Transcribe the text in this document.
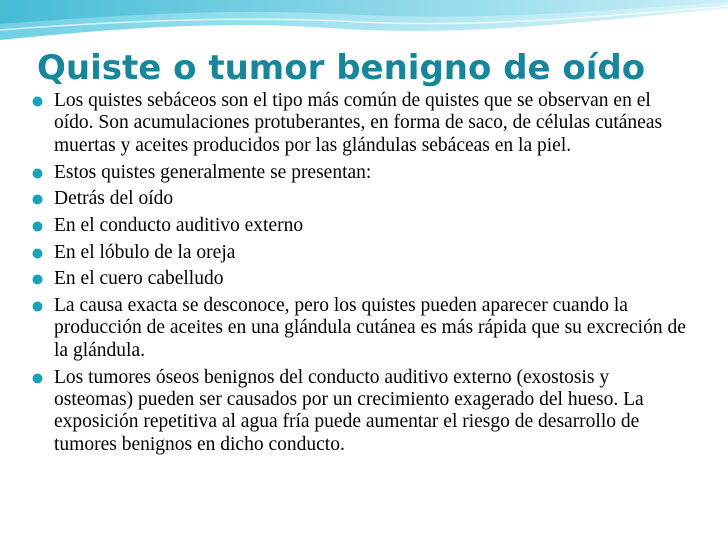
Quiste o tumor benigno de oído
Los quistes sebáceos son el tipo más común de quistes que se observan en el oído. Son acumulaciones protuberantes, en forma de saco, de células cutáneas muertas y aceites producidos por las glándulas sebáceas en la piel.
Estos quistes generalmente se presentan:
Detrás del oído
En el conducto auditivo externo
En el lóbulo de la oreja
En el cuero cabelludo
La causa exacta se desconoce, pero los quistes pueden aparecer cuando la producción de aceites en una glándula cutánea es más rápida que su excreción de la glándula.
Los tumores óseos benignos del conducto auditivo externo (exostosis y osteomas) pueden ser causados por un crecimiento exagerado del hueso. La exposición repetitiva al agua fría puede aumentar el riesgo de desarrollo de tumores benignos en dicho conducto.
